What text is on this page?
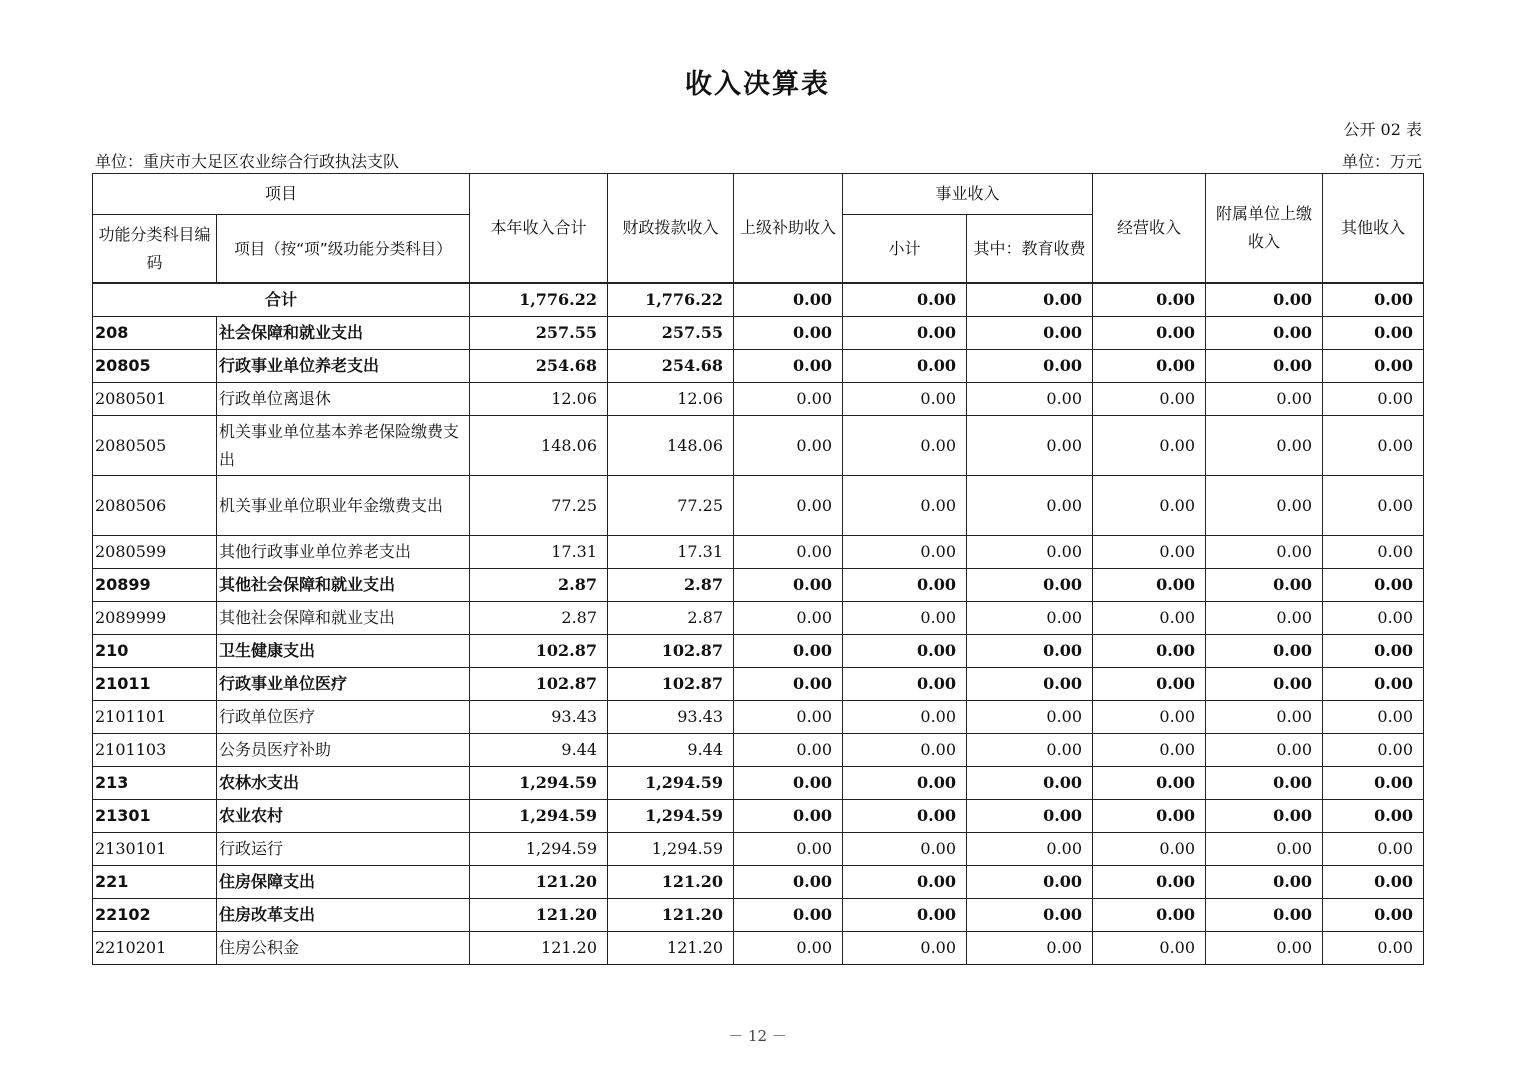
收入决算表
公开 02 表
单位：重庆市大足区农业综合行政执法支队	单位：万元
项目		本年收入合计	财政拨款收入	上级补助收入	事业收入		经营收入	附属单位上缴收入	其他收入
功能分类科目编码	项目（按“项”级功能分类科目）				小计	其中：教育收费			
合计		1,776.22	1,776.22	0.00	0.00	0.00	0.00	0.00	0.00
208	社会保障和就业支出	257.55	257.55	0.00	0.00	0.00	0.00	0.00	0.00
20805	行政事业单位养老支出	254.68	254.68	0.00	0.00	0.00	0.00	0.00	0.00
2080501	行政单位离退休	12.06	12.06	0.00	0.00	0.00	0.00	0.00	0.00
2080505	机关事业单位基本养老保险缴费支出	148.06	148.06	0.00	0.00	0.00	0.00	0.00	0.00
2080506	机关事业单位职业年金缴费支出	77.25	77.25	0.00	0.00	0.00	0.00	0.00	0.00
2080599	其他行政事业单位养老支出	17.31	17.31	0.00	0.00	0.00	0.00	0.00	0.00
20899	其他社会保障和就业支出	2.87	2.87	0.00	0.00	0.00	0.00	0.00	0.00
2089999	其他社会保障和就业支出	2.87	2.87	0.00	0.00	0.00	0.00	0.00	0.00
210	卫生健康支出	102.87	102.87	0.00	0.00	0.00	0.00	0.00	0.00
21011	行政事业单位医疗	102.87	102.87	0.00	0.00	0.00	0.00	0.00	0.00
2101101	行政单位医疗	93.43	93.43	0.00	0.00	0.00	0.00	0.00	0.00
2101103	公务员医疗补助	9.44	9.44	0.00	0.00	0.00	0.00	0.00	0.00
213	农林水支出	1,294.59	1,294.59	0.00	0.00	0.00	0.00	0.00	0.00
21301	农业农村	1,294.59	1,294.59	0.00	0.00	0.00	0.00	0.00	0.00
2130101	行政运行	1,294.59	1,294.59	0.00	0.00	0.00	0.00	0.00	0.00
221	住房保障支出	121.20	121.20	0.00	0.00	0.00	0.00	0.00	0.00
22102	住房改革支出	121.20	121.20	0.00	0.00	0.00	0.00	0.00	0.00
2210201	住房公积金	121.20	121.20	0.00	0.00	0.00	0.00	0.00	0.00
－ 12 －
